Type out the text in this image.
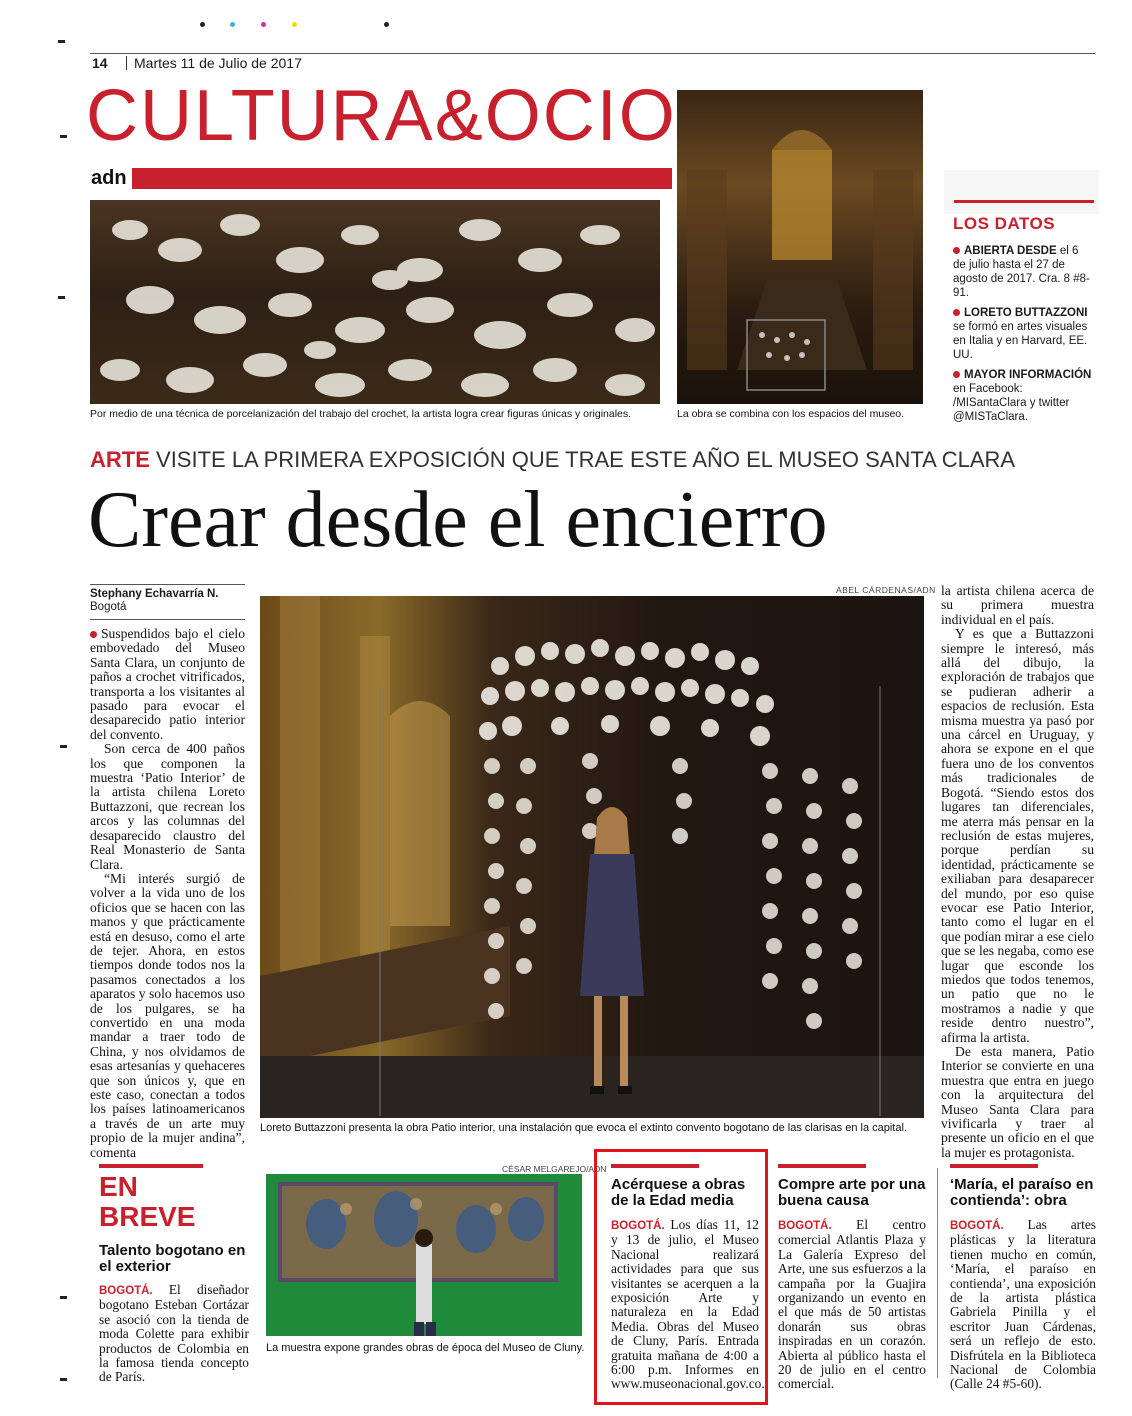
14 Martes 11 de Julio de 2017
CULTURA&OCIO
adn
Por medio de una técnica de porcelanización del trabajo del crochet, la artista logra crear figuras únicas y originales.	La obra se combina con los espacios del museo.
LOS DATOS
ABIERTA DESDE el 6 de julio hasta el 27 de agosto de 2017. Cra. 8 #8-91.
LORETO BUTTAZZONI se formó en artes visuales en Italia y en Harvard, EE. UU.
MAYOR INFORMACIÓN en Facebook: /MISantaClara y twitter @MISTaClara.
ARTE VISITE LA PRIMERA EXPOSICIÓN QUE TRAE ESTE AÑO EL MUSEO SANTA CLARA
Crear desde el encierro
Stephany Echavarría N.
Bogotá

Suspendidos bajo el cielo embovedado del Museo Santa Clara, un conjunto de paños a crochet vitrificados, transporta a los visitantes al pasado para evocar el desaparecido patio interior del convento.

Son cerca de 400 paños los que componen la muestra ‘Patio Interior’ de la artista chilena Loreto Buttazzoni, que recrean los arcos y las columnas del desaparecido claustro del Real Monasterio de Santa Clara.

“Mi interés surgió de volver a la vida uno de los oficios que se hacen con las manos y que prácticamente está en desuso, como el arte de tejer. Ahora, en estos tiempos donde todos nos la pasamos conectados a los aparatos y solo hacemos uso de los pulgares, se ha convertido en una moda mandar a traer todo de China, y nos olvidamos de esas artesanías y quehaceres que son únicos y, que en este caso, conectan a todos los países latinoamericanos a través de un arte muy propio de la mujer andina”, comenta

ABEL CÁRDENAS/ADN
Loreto Buttazzoni presenta la obra Patio interior, una instalación que evoca el extinto convento bogotano de las clarisas en la capital.

la artista chilena acerca de su primera muestra individual en el país.

Y es que a Buttazzoni siempre le interesó, más allá del dibujo, la exploración de trabajos que se pudieran adherir a espacios de reclusión. Esta misma muestra ya pasó por una cárcel en Uruguay, y ahora se expone en el que fuera uno de los conventos más tradicionales de Bogotá. “Siendo estos dos lugares tan diferenciales, me aterra más pensar en la reclusión de estas mujeres, porque perdían su identidad, prácticamente se exiliaban para desaparecer del mundo, por eso quise evocar ese Patio Interior, tanto como el lugar en el que podían mirar a ese cielo que se les negaba, como ese lugar que esconde los miedos que todos tenemos, un patio que no le mostramos a nadie y que reside dentro nuestro”, afirma la artista.

De esta manera, Patio Interior se convierte en una muestra que entra en juego con la arquitectura del Museo Santa Clara para vivificarla y traer al presente un oficio en el que la mujer es protagonista.

EN
BREVE
Talento bogotano en el exterior
BOGOTÁ. El diseñador bogotano Esteban Cortázar se asoció con la tienda de moda Colette para exhibir productos de Colombia en la famosa tienda concepto de París.
CÉSAR MELGAREJO/ADN
La muestra expone grandes obras de época del Museo de Cluny.
Acérquese a obras de la Edad media
BOGOTÁ. Los días 11, 12 y 13 de julio, el Museo Nacional realizará actividades para que sus visitantes se acerquen a la exposición Arte y naturaleza en la Edad Media. Obras del Museo de Cluny, París. Entrada gratuita mañana de 4:00 a 6:00 p.m. Informes en www.museonacional.gov.co.
Compre arte por una buena causa
BOGOTÁ. El centro comercial Atlantis Plaza y La Galería Expreso del Arte, une sus esfuerzos a la campaña por la Guajira organizando un evento en el que más de 50 artistas donarán sus obras inspiradas en un corazón. Abierta al público hasta el 20 de julio en el centro comercial.
‘María, el paraíso en contienda’: obra
BOGOTÁ. Las artes plásticas y la literatura tienen mucho en común, ‘María, el paraíso en contienda’, una exposición de la artista plástica Gabriela Pinilla y el escritor Juan Cárdenas, será un reflejo de esto. Disfrútela en la Biblioteca Nacional de Colombia (Calle 24 #5-60).
